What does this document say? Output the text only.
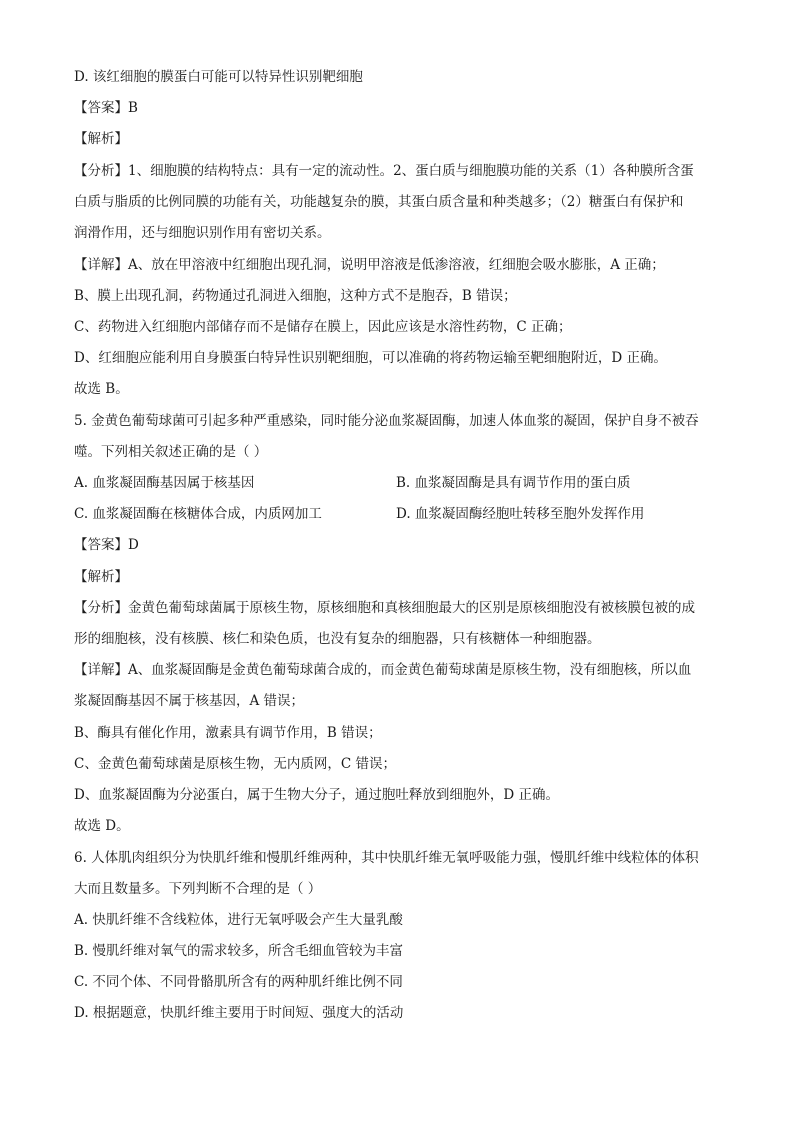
D. 该红细胞的膜蛋白可能可以特异性识别靶细胞
【答案】B
【解析】
【分析】1、细胞膜的结构特点：具有一定的流动性。2、蛋白质与细胞膜功能的关系（1）各种膜所含蛋
白质与脂质的比例同膜的功能有关，功能越复杂的膜，其蛋白质含量和种类越多；（2）糖蛋白有保护和
润滑作用，还与细胞识别作用有密切关系。
【详解】A、放在甲溶液中红细胞出现孔洞，说明甲溶液是低渗溶液，红细胞会吸水膨胀，A 正确；
B、膜上出现孔洞，药物通过孔洞进入细胞，这种方式不是胞吞，B 错误；
C、药物进入红细胞内部储存而不是储存在膜上，因此应该是水溶性药物，C 正确；
D、红细胞应能利用自身膜蛋白特异性识别靶细胞，可以准确的将药物运输至靶细胞附近，D 正确。
故选 B。
5. 金黄色葡萄球菌可引起多种严重感染，同时能分泌血浆凝固酶，加速人体血浆的凝固，保护自身不被吞
噬。下列相关叙述正确的是（ ）
A. 血浆凝固酶基因属于核基因	B. 血浆凝固酶是具有调节作用的蛋白质
C. 血浆凝固酶在核糖体合成，内质网加工	D. 血浆凝固酶经胞吐转移至胞外发挥作用
【答案】D
【解析】
【分析】金黄色葡萄球菌属于原核生物，原核细胞和真核细胞最大的区别是原核细胞没有被核膜包被的成
形的细胞核，没有核膜、核仁和染色质，也没有复杂的细胞器，只有核糖体一种细胞器。
【详解】A、血浆凝固酶是金黄色葡萄球菌合成的，而金黄色葡萄球菌是原核生物，没有细胞核，所以血
浆凝固酶基因不属于核基因，A 错误；
B、酶具有催化作用，激素具有调节作用，B 错误；
C、金黄色葡萄球菌是原核生物，无内质网，C 错误；
D、血浆凝固酶为分泌蛋白，属于生物大分子，通过胞吐释放到细胞外，D 正确。
故选 D。
6. 人体肌肉组织分为快肌纤维和慢肌纤维两种，其中快肌纤维无氧呼吸能力强，慢肌纤维中线粒体的体积
大而且数量多。下列判断不合理的是（ ）
A. 快肌纤维不含线粒体，进行无氧呼吸会产生大量乳酸
B. 慢肌纤维对氧气的需求较多，所含毛细血管较为丰富
C. 不同个体、不同骨骼肌所含有的两种肌纤维比例不同
D. 根据题意，快肌纤维主要用于时间短、强度大的活动
